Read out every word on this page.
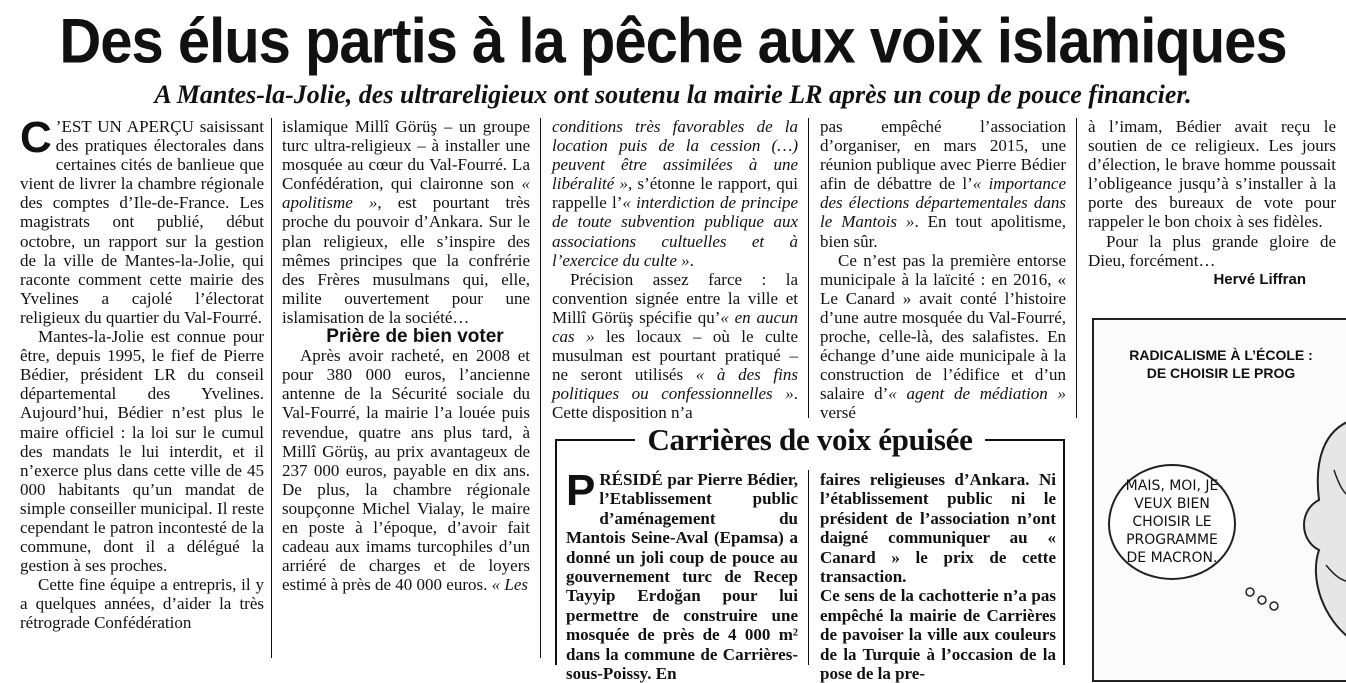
Des élus partis à la pêche aux voix islamiques
A Mantes-la-Jolie, des ultrareligieux ont soutenu la mairie LR après un coup de pouce financier.

C ’EST UN APERÇU saisissant des pratiques électorales dans certaines cités de banlieue que vient de livrer la chambre régionale des comptes d’Ile-de-France. Les magistrats ont publié, début octobre, un rapport sur la gestion de la ville de Mantes-la-Jolie, qui raconte comment cette mairie des Yvelines a cajolé l’électorat religieux du quartier du Val-Fourré.

Mantes-la-Jolie est connue pour être, depuis 1995, le fief de Pierre Bédier, président LR du conseil départemental des Yvelines. Aujourd’hui, Bédier n’est plus le maire officiel : la loi sur le cumul des mandats le lui interdit, et il n’exerce plus dans cette ville de 45 000 habitants qu’un mandat de simple conseiller municipal. Il reste cependant le patron incontesté de la commune, dont il a délégué la gestion à ses proches.

Cette fine équipe a entrepris, il y a quelques années, d’aider la très rétrograde Confédération

islamique Millî Görüş – un groupe turc ultra-religieux – à installer une mosquée au cœur du Val-Fourré. La Confédération, qui claironne son « apolitisme », est pourtant très proche du pouvoir d’Ankara. Sur le plan religieux, elle s’inspire des mêmes principes que la confrérie des Frères musulmans qui, elle, milite ouvertement pour une islamisation de la société…

Prière de bien voter

Après avoir racheté, en 2008 et pour 380 000 euros, l’ancienne antenne de la Sécurité sociale du Val-Fourré, la mairie l’a louée puis revendue, quatre ans plus tard, à Millî Görüş, au prix avantageux de 237 000 euros, payable en dix ans. De plus, la chambre régionale soupçonne Michel Vialay, le maire en poste à l’époque, d’avoir fait cadeau aux imams turcophiles d’un arriéré de charges et de loyers estimé à près de 40 000 euros. « Les

conditions très favorables de la location puis de la cession (…) peuvent être assimilées à une libéralité », s’étonne le rapport, qui rappelle l’« interdiction de principe de toute subvention publique aux associations cultuelles et à l’exercice du culte ».

Précision assez farce : la convention signée entre la ville et Millî Görüş spécifie qu’« en aucun cas » les locaux – où le culte musulman est pourtant pratiqué – ne seront utilisés « à des fins politiques ou confessionnelles ». Cette disposition n’a

pas empêché l’association d’organiser, en mars 2015, une réunion publique avec Pierre Bédier afin de débattre de l’« importance des élections départementales dans le Mantois ». En tout apolitisme, bien sûr.

Ce n’est pas la première entorse municipale à la laïcité : en 2016, « Le Canard » avait conté l’histoire d’une autre mosquée du Val-Fourré, proche, celle-là, des salafistes. En échange d’une aide municipale à la construction de l’édifice et d’un salaire d’« agent de médiation » versé

à l’imam, Bédier avait reçu le soutien de ce religieux. Les jours d’élection, le brave homme poussait l’obligeance jusqu’à s’installer à la porte des bureaux de vote pour rappeler le bon choix à ses fidèles.

Pour la plus grande gloire de Dieu, forcément…

Hervé Liffran

Carrières de voix épuisée

PRÉSIDÉ par Pierre Bédier, l’Etablissement public d’aménagement du Mantois Seine-Aval (Epamsa) a donné un joli coup de pouce au gouvernement turc de Recep Tayyip Erdoğan pour lui permettre de construire une mosquée de près de 4 000 m² dans la commune de Carrières-sous-Poissy. En

faires religieuses d’Ankara. Ni l’établissement public ni le président de l’association n’ont daigné communiquer au « Canard » le prix de cette transaction.

Ce sens de la cachotterie n’a pas empêché la mairie de Carrières de pavoiser la ville aux couleurs de la Turquie à l’occasion de la pose de la pre-

RADICALISME À L’ÉCOLE :
DE CHOISIR LE PROG
MAIS, MOI, JE VEUX BIEN CHOISIR LE PROGRAMME DE MACRON.
